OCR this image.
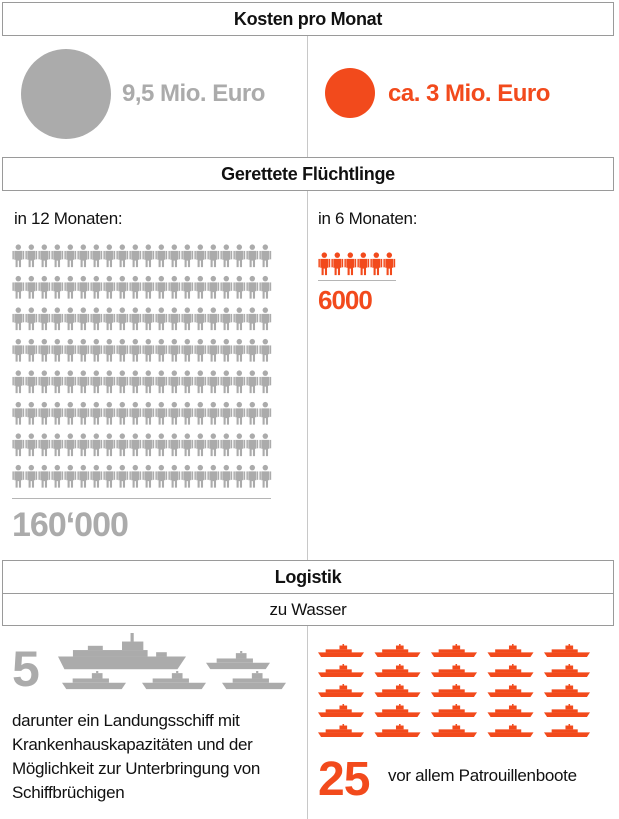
Kosten pro Monat
9,5 Mio. Euro	ca. 3 Mio. Euro
Gerettete Flüchtlinge
in 12 Monaten:
160‘000
in 6 Monaten:
6000
Logistik
zu Wasser
5
darunter ein Landungsschiff mit Krankenhauskapazitäten und der Möglichkeit zur Unterbringung von Schiffbrüchigen	25 vor allem Patrouillenboote
